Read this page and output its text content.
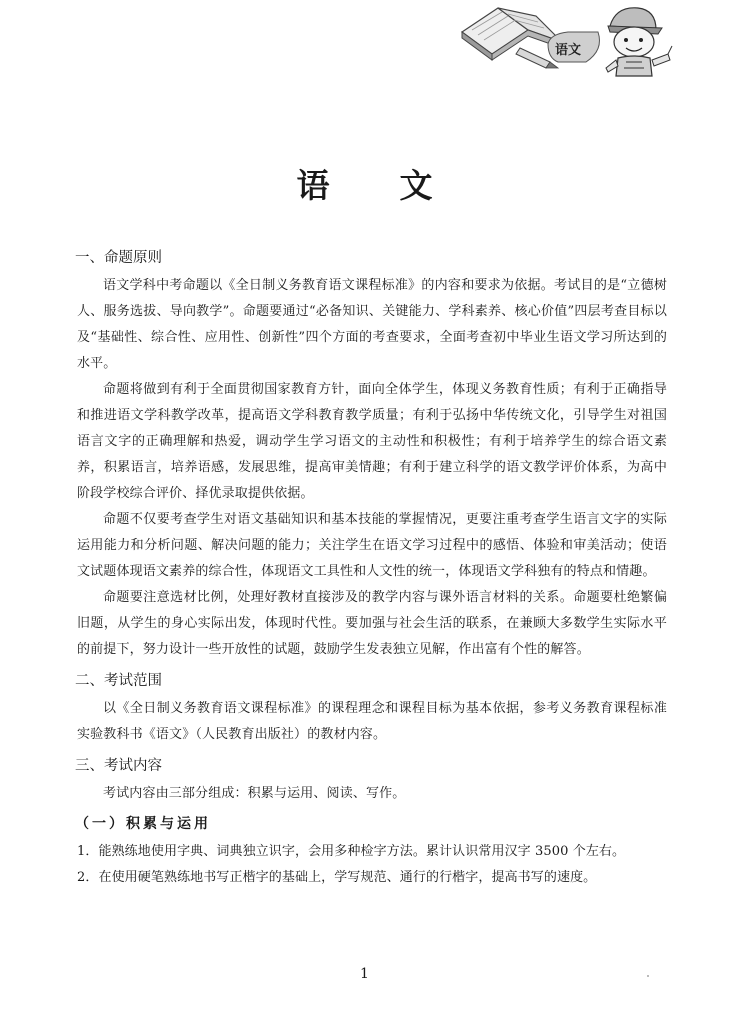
语文
语 文
一、命题原则

语文学科中考命题以《全日制义务教育语文课程标准》的内容和要求为依据。考试目的是“立德树人、服务选拔、导向教学”。命题要通过“必备知识、关键能力、学科素养、核心价值”四层考查目标以及“基础性、综合性、应用性、创新性”四个方面的考查要求，全面考查初中毕业生语文学习所达到的水平。

命题将做到有利于全面贯彻国家教育方针，面向全体学生，体现义务教育性质；有利于正确指导和推进语文学科教学改革，提高语文学科教育教学质量；有利于弘扬中华传统文化，引导学生对祖国语言文字的正确理解和热爱，调动学生学习语文的主动性和积极性；有利于培养学生的综合语文素养，积累语言，培养语感，发展思维，提高审美情趣；有利于建立科学的语文教学评价体系，为高中阶段学校综合评价、择优录取提供依据。

命题不仅要考查学生对语文基础知识和基本技能的掌握情况，更要注重考查学生语言文字的实际运用能力和分析问题、解决问题的能力；关注学生在语文学习过程中的感悟、体验和审美活动；使语文试题体现语文素养的综合性，体现语文工具性和人文性的统一，体现语文学科独有的特点和情趣。

命题要注意选材比例，处理好教材直接涉及的教学内容与课外语言材料的关系。命题要杜绝繁偏旧题，从学生的身心实际出发，体现时代性。要加强与社会生活的联系，在兼顾大多数学生实际水平的前提下，努力设计一些开放性的试题，鼓励学生发表独立见解，作出富有个性的解答。

二、考试范围

以《全日制义务教育语文课程标准》的课程理念和课程目标为基本依据，参考义务教育课程标准实验教科书《语文》（人民教育出版社）的教材内容。

三、考试内容

考试内容由三部分组成：积累与运用、阅读、写作。

（一）积累与运用

1．能熟练地使用字典、词典独立识字，会用多种检字方法。累计认识常用汉字 3500 个左右。

2．在使用硬笔熟练地书写正楷字的基础上，学写规范、通行的行楷字，提高书写的速度。

1
